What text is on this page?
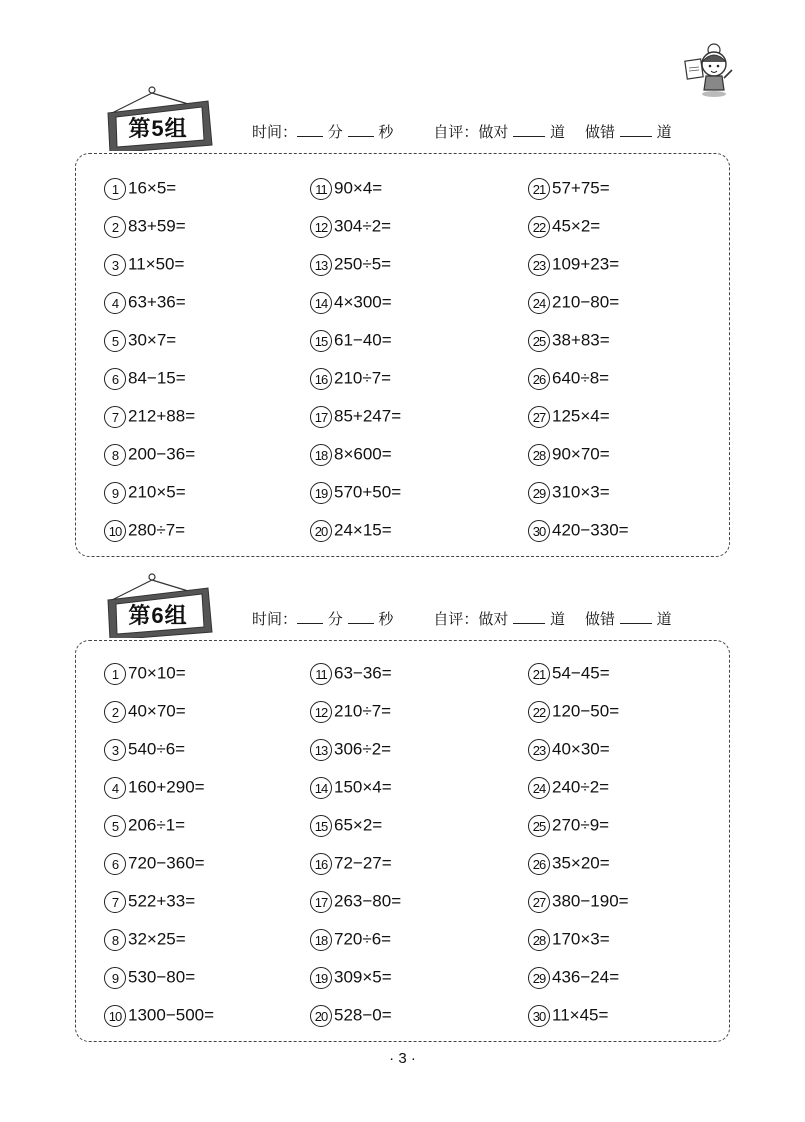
第5组	时间： 分 秒	自评：做对	道 做错	道
1 16×5=
2 83+59=
3 11×50=
4 63+36=
5 30×7=
6 84−15=
7 212+88=
8 200−36=
9 210×5=
10 280÷7=
11 90×4=
12 304÷2=
13 250÷5=
14 4×300=
15 61−40=
16 210÷7=
17 85+247=
18 8×600=
19 570+50=
20 24×15=
21 57+75=
22 45×2=
23 109+23=
24 210−80=
25 38+83=
26 640÷8=
27 125×4=
28 90×70=
29 310×3=
30 420−330=
第6组	时间： 分 秒	自评：做对	道 做错	道
1 70×10=
2 40×70=
3 540÷6=
4 160+290=
5 206÷1=
6 720−360=
7 522+33=
8 32×25=
9 530−80=
10 1300−500=
11 63−36=
12 210÷7=
13 306÷2=
14 150×4=
15 65×2=
16 72−27=
17 263−80=
18 720÷6=
19 309×5=
20 528−0=
21 54−45=
22 120−50=
23 40×30=
24 240÷2=
25 270÷9=
26 35×20=
27 380−190=
28 170×3=
29 436−24=
30 11×45=
· 3 ·
